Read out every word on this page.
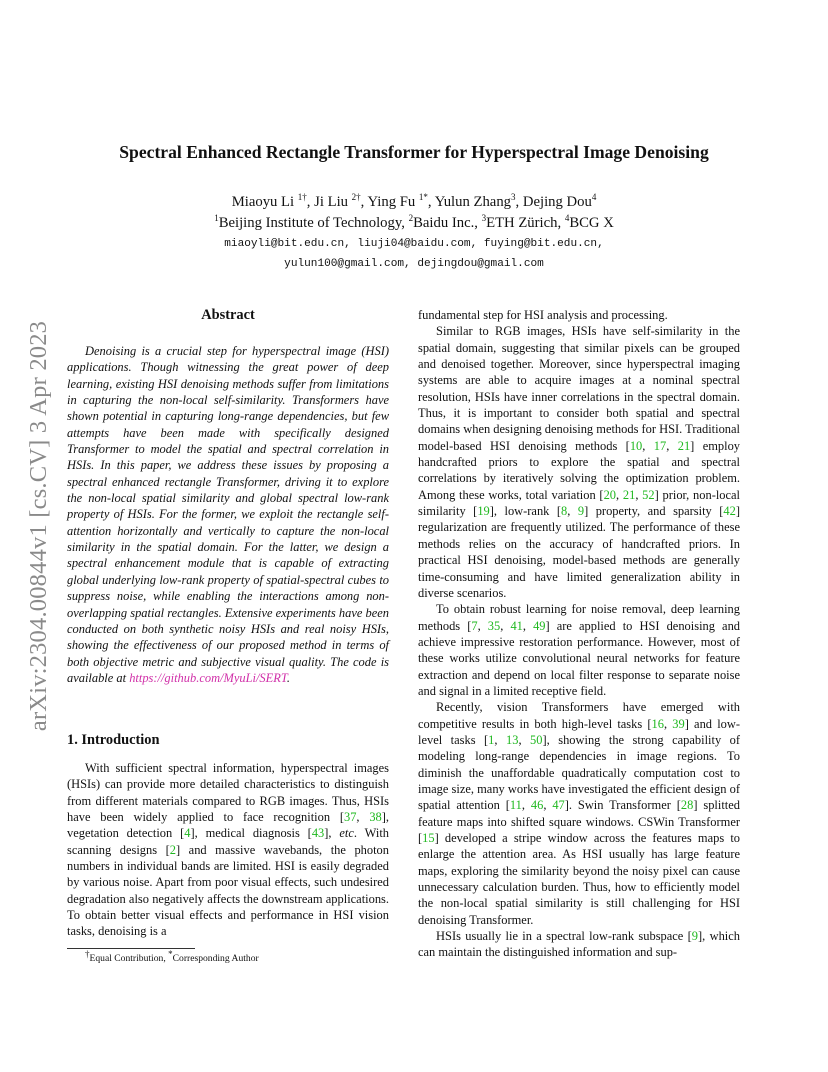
arXiv:2304.00844v1 [cs.CV] 3 Apr 2023
Spectral Enhanced Rectangle Transformer for Hyperspectral Image Denoising
Miaoyu Li $^{1\dagger}$, Ji Liu $^{2\dagger}$, Ying Fu $^{1*}$, Yulun Zhang$^3$, Dejing Dou$^4$
$^1$Beijing Institute of Technology, $^2$Baidu Inc., $^3$ETH Zürich, $^4$BCG X
miaoyli@bit.edu.cn, liuji04@baidu.com, fuying@bit.edu.cn,
yulun100@gmail.com, dejingdou@gmail.com
Abstract

Denoising is a crucial step for hyperspectral image (HSI) applications. Though witnessing the great power of deep learning, existing HSI denoising methods suffer from limitations in capturing the non-local self-similarity. Transformers have shown potential in capturing long-range dependencies, but few attempts have been made with specifically designed Transformer to model the spatial and spectral correlation in HSIs. In this paper, we address these issues by proposing a spectral enhanced rectangle Transformer, driving it to explore the non-local spatial similarity and global spectral low-rank property of HSIs. For the former, we exploit the rectangle self-attention horizontally and vertically to capture the non-local similarity in the spatial domain. For the latter, we design a spectral enhancement module that is capable of extracting global underlying low-rank property of spatial-spectral cubes to suppress noise, while enabling the interactions among non-overlapping spatial rectangles. Extensive experiments have been conducted on both synthetic noisy HSIs and real noisy HSIs, showing the effectiveness of our proposed method in terms of both objective metric and subjective visual quality. The code is available at https://github.com/MyuLi/SERT.

1. Introduction

With sufficient spectral information, hyperspectral images (HSIs) can provide more detailed characteristics to distinguish from different materials compared to RGB images. Thus, HSIs have been widely applied to face recognition [37, 38], vegetation detection [4], medical diagnosis [43], etc. With scanning designs [2] and massive wavebands, the photon numbers in individual bands are limited. HSI is easily degraded by various noise. Apart from poor visual effects, such undesired degradation also negatively affects the downstream applications. To obtain better visual effects and performance in HSI vision tasks, denoising is a

fundamental step for HSI analysis and processing.

Similar to RGB images, HSIs have self-similarity in the spatial domain, suggesting that similar pixels can be grouped and denoised together. Moreover, since hyperspectral imaging systems are able to acquire images at a nominal spectral resolution, HSIs have inner correlations in the spectral domain. Thus, it is important to consider both spatial and spectral domains when designing denoising methods for HSI. Traditional model-based HSI denoising methods [10, 17, 21] employ handcrafted priors to explore the spatial and spectral correlations by iteratively solving the optimization problem. Among these works, total variation [20, 21, 52] prior, non-local similarity [19], low-rank [8, 9] property, and sparsity [42] regularization are frequently utilized. The performance of these methods relies on the accuracy of handcrafted priors. In practical HSI denoising, model-based methods are generally time-consuming and have limited generalization ability in diverse scenarios.

To obtain robust learning for noise removal, deep learning methods [7, 35, 41, 49] are applied to HSI denoising and achieve impressive restoration performance. However, most of these works utilize convolutional neural networks for feature extraction and depend on local filter response to separate noise and signal in a limited receptive field.

Recently, vision Transformers have emerged with competitive results in both high-level tasks [16, 39] and low-level tasks [1, 13, 50], showing the strong capability of modeling long-range dependencies in image regions. To diminish the unaffordable quadratically computation cost to image size, many works have investigated the efficient design of spatial attention [11, 46, 47]. Swin Transformer [28] splitted feature maps into shifted square windows. CSWin Transformer [15] developed a stripe window across the features maps to enlarge the attention area. As HSI usually has large feature maps, exploring the similarity beyond the noisy pixel can cause unnecessary calculation burden. Thus, how to efficiently model the non-local spatial similarity is still challenging for HSI denoising Transformer.

HSIs usually lie in a spectral low-rank subspace [9], which can maintain the distinguished information and sup-

†Equal Contribution, *Corresponding Author
